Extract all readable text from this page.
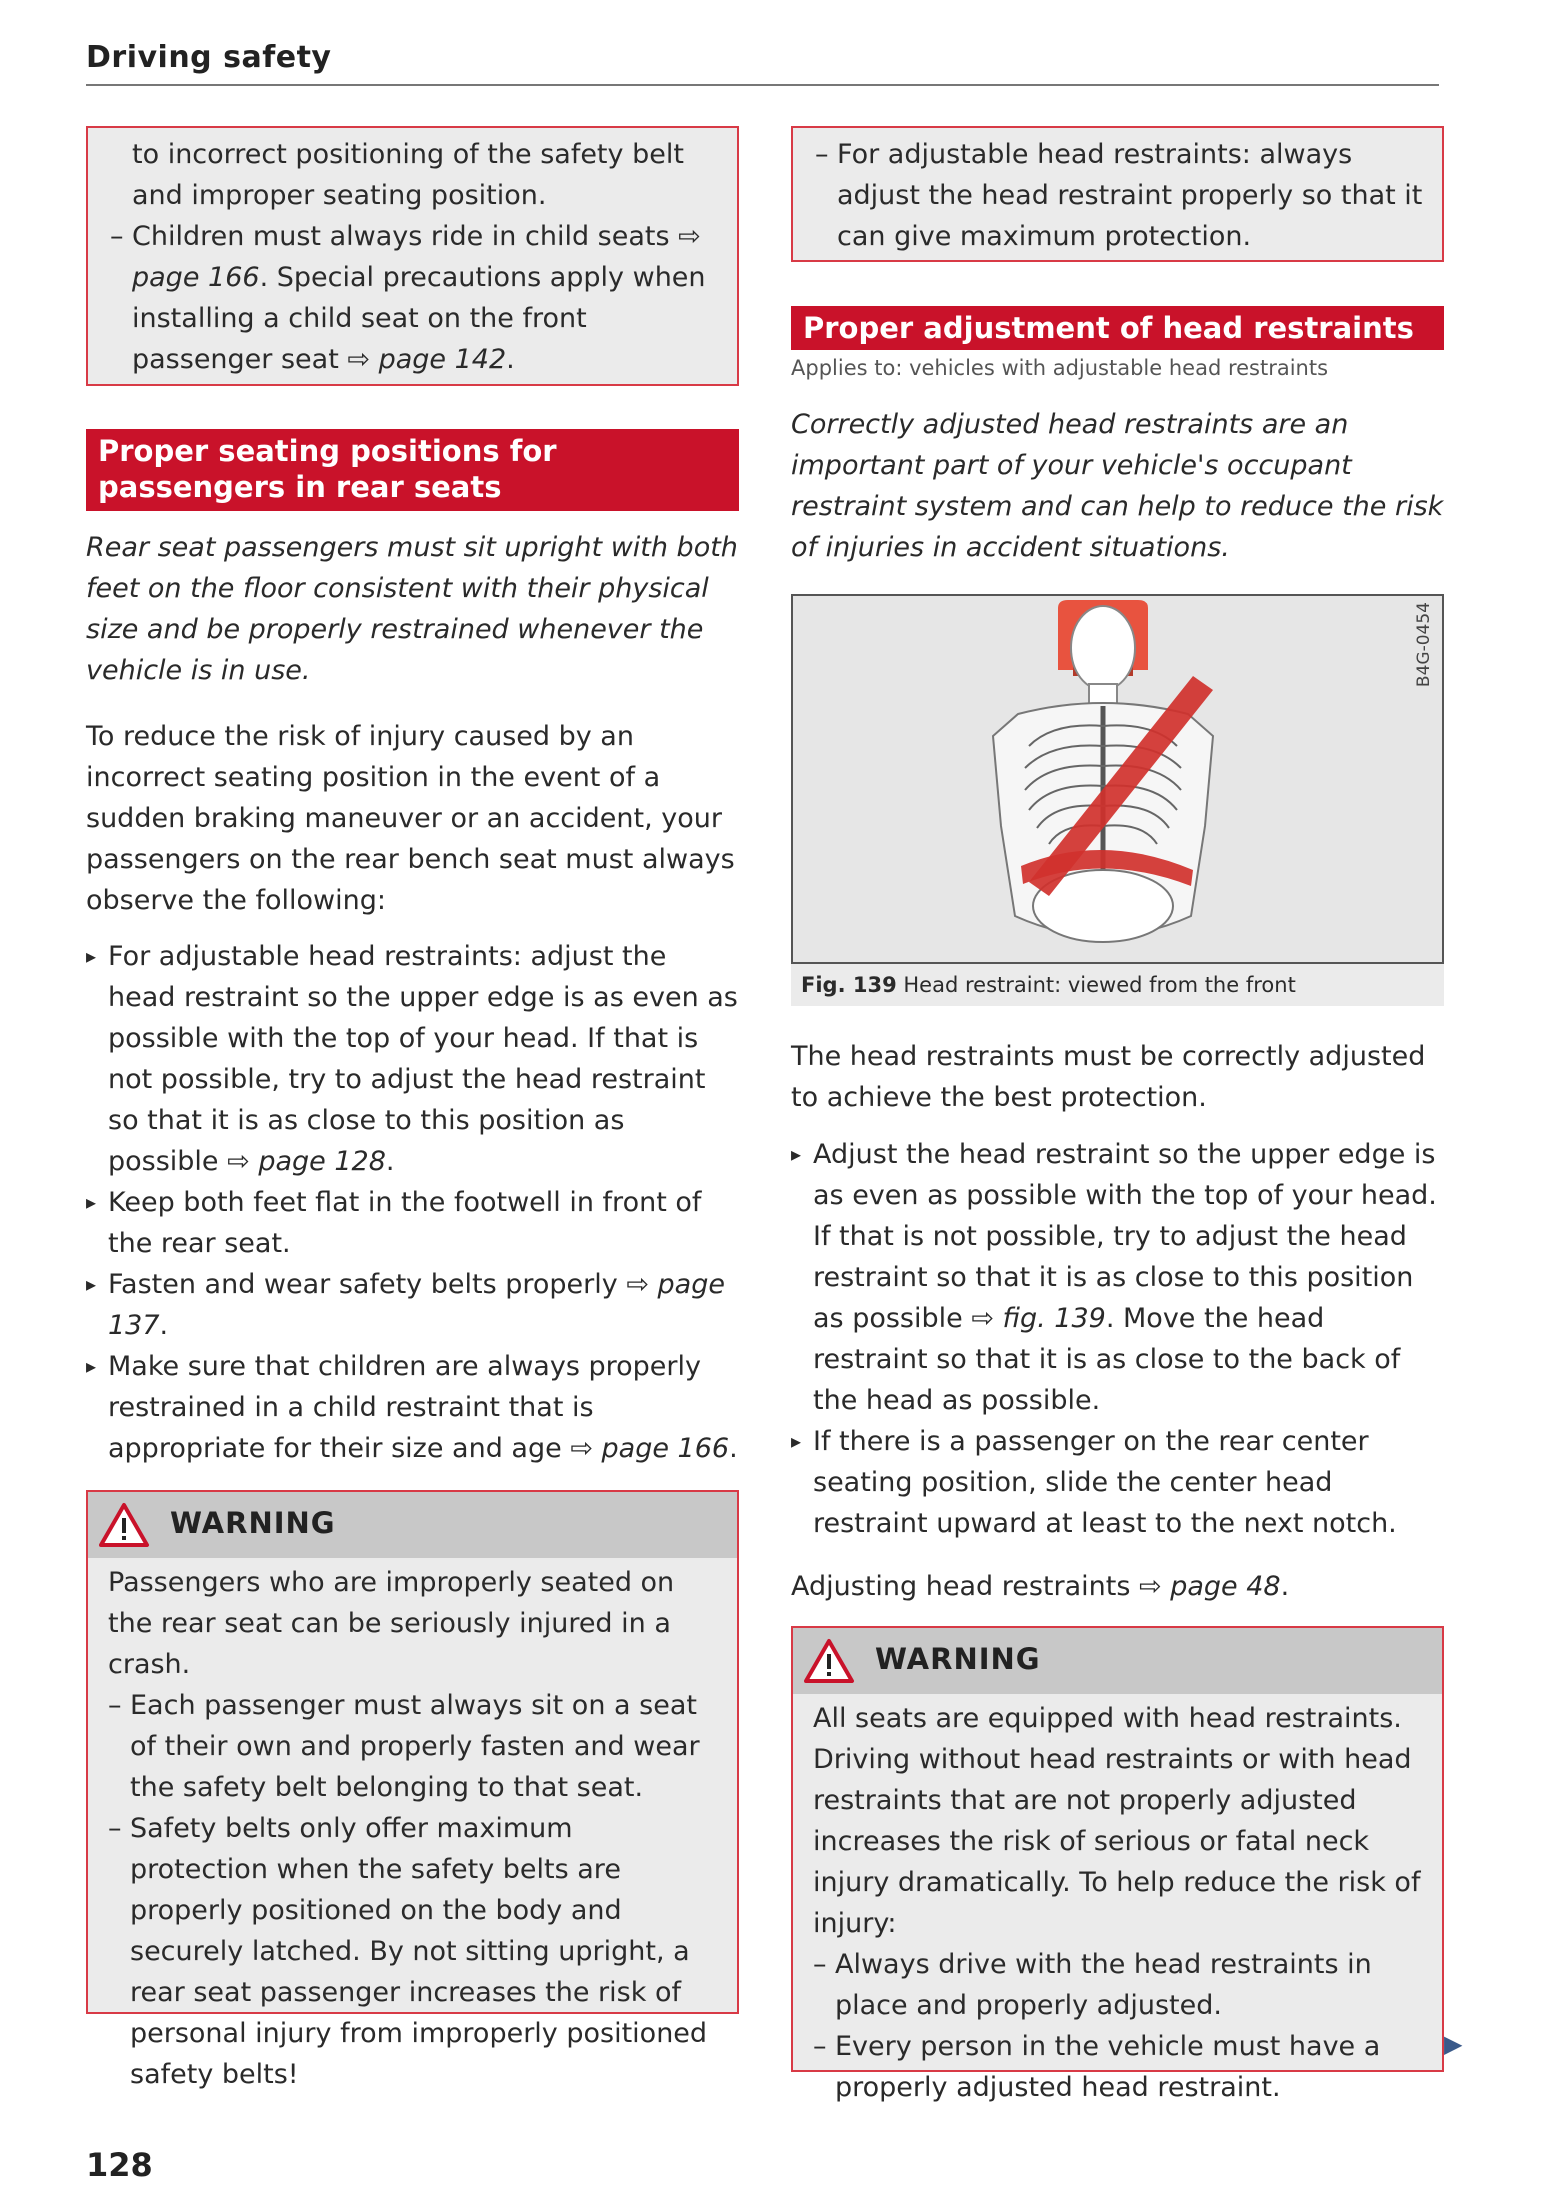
Driving safety
to incorrect positioning of the safety belt
and improper seating position.
– Children must always ride in child seats ⇨ page 166. Special precautions apply when installing a child seat on the front passenger seat ⇨ page 142.
Proper seating positions for passengers in rear seats
Rear seat passengers must sit upright with both feet on the floor consistent with their physical size and be properly restrained whenever the vehicle is in use.
To reduce the risk of injury caused by an incorrect seating position in the event of a sudden braking maneuver or an accident, your passengers on the rear bench seat must always observe the following:
▸ For adjustable head restraints: adjust the head restraint so the upper edge is as even as possible with the top of your head. If that is not possible, try to adjust the head restraint so that it is as close to this position as possible ⇨ page 128.
▸ Keep both feet flat in the footwell in front of the rear seat.
▸ Fasten and wear safety belts properly ⇨ page 137.
▸ Make sure that children are always properly restrained in a child restraint that is appropriate for their size and age ⇨ page 166.
WARNING
Passengers who are improperly seated on the rear seat can be seriously injured in a crash.
– Each passenger must always sit on a seat of their own and properly fasten and wear the safety belt belonging to that seat.
– Safety belts only offer maximum protection when the safety belts are properly positioned on the body and securely latched. By not sitting upright, a rear seat passenger increases the risk of personal injury from improperly positioned safety belts!
– For adjustable head restraints: always adjust the head restraint properly so that it can give maximum protection.
Proper adjustment of head restraints
Applies to: vehicles with adjustable head restraints
Correctly adjusted head restraints are an important part of your vehicle's occupant restraint system and can help to reduce the risk of injuries in accident situations.
B4G-0454
Fig. 139 Head restraint: viewed from the front
The head restraints must be correctly adjusted to achieve the best protection.
▸ Adjust the head restraint so the upper edge is as even as possible with the top of your head. If that is not possible, try to adjust the head restraint so that it is as close to this position as possible ⇨ fig. 139. Move the head restraint so that it is as close to the back of the head as possible.
▸ If there is a passenger on the rear center seating position, slide the center head restraint upward at least to the next notch.
Adjusting head restraints ⇨ page 48.
WARNING
All seats are equipped with head restraints. Driving without head restraints or with head restraints that are not properly adjusted increases the risk of serious or fatal neck injury dramatically. To help reduce the risk of injury:
– Always drive with the head restraints in place and properly adjusted.
– Every person in the vehicle must have a properly adjusted head restraint.
▶
128
